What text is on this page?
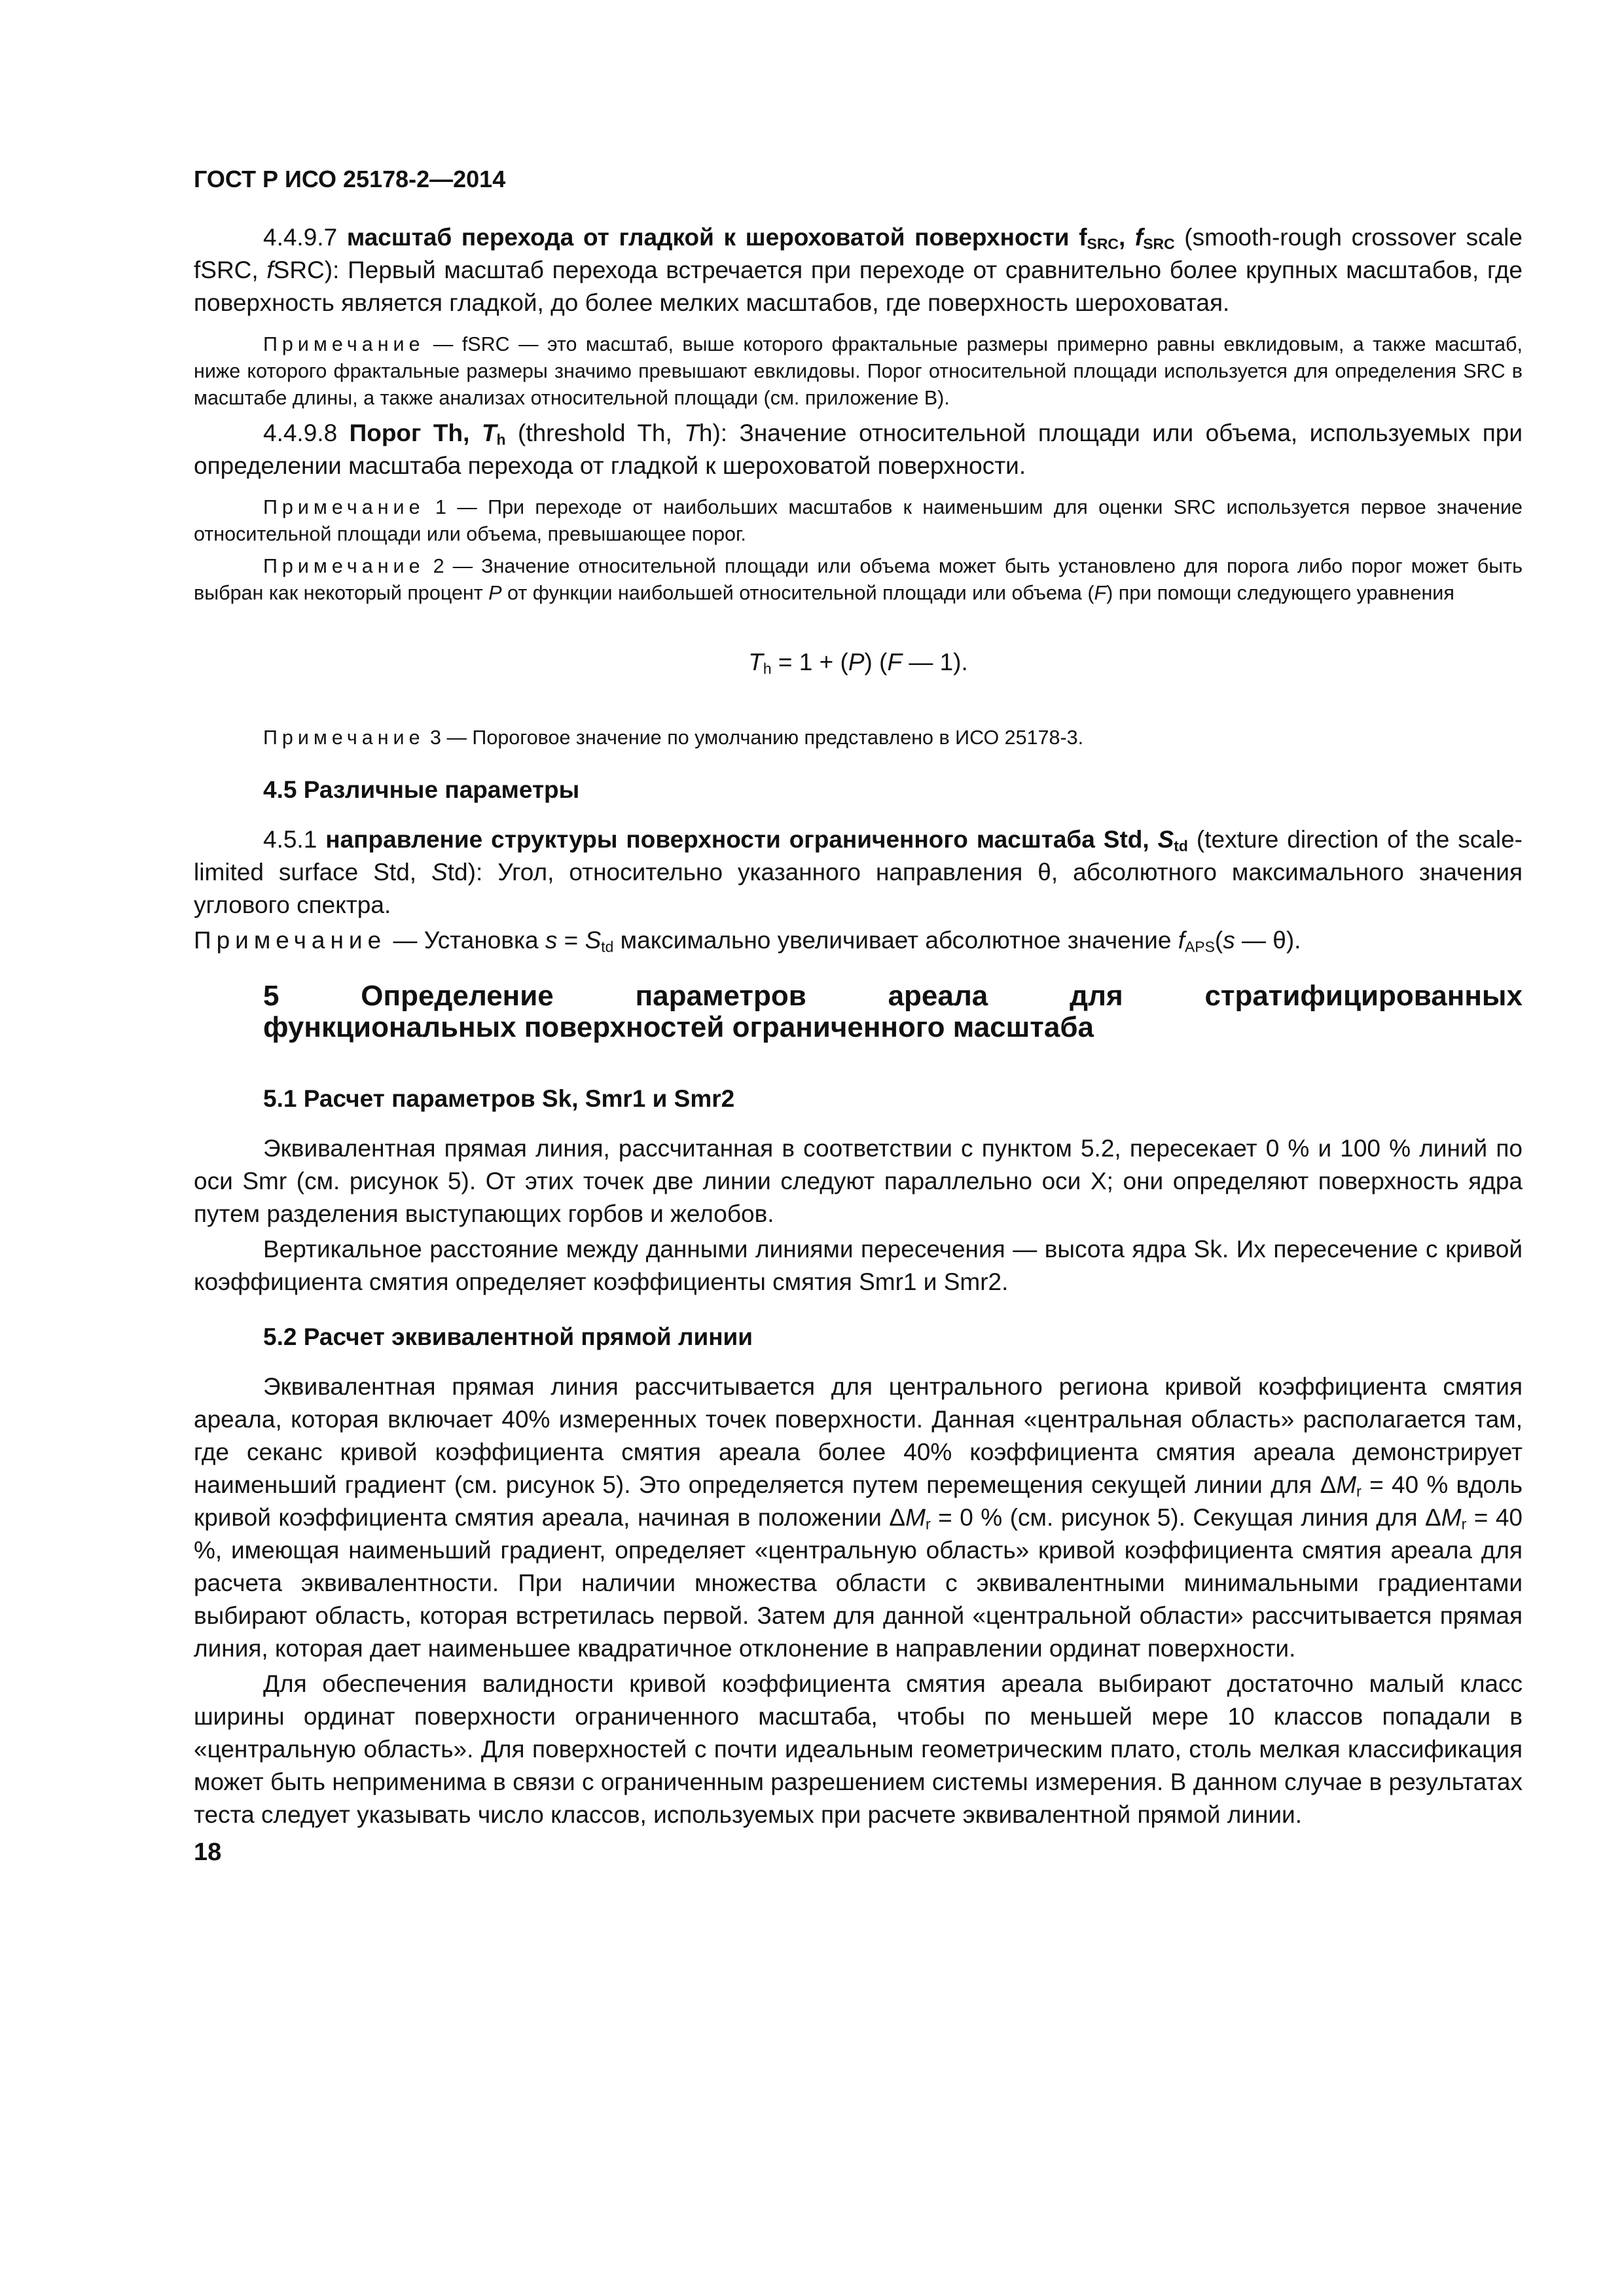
ГОСТ Р ИСО 25178-2—2014

4.4.9.7 масштаб перехода от гладкой к шероховатой поверхности $f_{SRC}$, $f_{SRC}$ (smooth-rough crossover scale fSRC, fSRC): Первый масштаб перехода встречается при переходе от сравнительно более крупных масштабов, где поверхность является гладкой, до более мелких масштабов, где поверхность шероховатая.

Примечание — fSRC — это масштаб, выше которого фрактальные размеры примерно равны евклидовым, а также масштаб, ниже которого фрактальные размеры значимо превышают евклидовы. Порог относительной площади используется для определения SRC в масштабе длины, а также анализах относительной площади (см. приложение В).

4.4.9.8 Порог Th, $T_h$ (threshold Th, Th): Значение относительной площади или объема, используемых при определении масштаба перехода от гладкой к шероховатой поверхности.

Примечание 1 — При переходе от наибольших масштабов к наименьшим для оценки SRC используется первое значение относительной площади или объема, превышающее порог.

Примечание 2 — Значение относительной площади или объема может быть установлено для порога либо порог может быть выбран как некоторый процент P от функции наибольшей относительной площади или объема (F) при помощи следующего уравнения

$T_h = 1 + (P)$ (F — 1).

Примечание 3 — Пороговое значение по умолчанию представлено в ИСО 25178-3.

4.5 Различные параметры

4.5.1 направление структуры поверхности ограниченного масштаба Std, $S_{td}$ (texture direction of the scale-limited surface Std, Std): Угол, относительно указанного направления θ, абсолютного максимального значения углового спектра.

Примечание — Установка $s = S_{td}$ максимально увеличивает абсолютное значение $f_{APS}(s$ — θ).

5	Определение	параметров	ареала	для	стратифицированных
функциональных поверхностей ограниченного масштаба
5.1 Расчет параметров Sk, Smr1 и Smr2

Эквивалентная прямая линия, рассчитанная в соответствии с пунктом 5.2, пересекает 0 % и 100 % линий по оси Smr (см. рисунок 5). От этих точек две линии следуют параллельно оси X; они определяют поверхность ядра путем разделения выступающих горбов и желобов.

Вертикальное расстояние между данными линиями пересечения — высота ядра Sk. Их пересечение с кривой коэффициента смятия определяет коэффициенты смятия Smr1 и Smr2.

5.2 Расчет эквивалентной прямой линии

Эквивалентная прямая линия рассчитывается для центрального региона кривой коэффициента смятия ареала, которая включает 40% измеренных точек поверхности. Данная «центральная область» располагается там, где секанс кривой коэффициента смятия ареала более 40% коэффициента смятия ареала демонстрирует наименьший градиент (см. рисунок 5). Это определяется путем перемещения секущей линии для $\Delta M_r = 40$ % вдоль кривой коэффициента смятия ареала, начиная в положении $\Delta M_r = 0$ % (см. рисунок 5). Секущая линия для $\Delta M_r = 40$ %, имеющая наименьший градиент, определяет «центральную область» кривой коэффициента смятия ареала для расчета эквивалентности. При наличии множества области с эквивалентными минимальными градиентами выбирают область, которая встретилась первой. Затем для данной «центральной области» рассчитывается прямая линия, которая дает наименьшее квадратичное отклонение в направлении ординат поверхности.

Для обеспечения валидности кривой коэффициента смятия ареала выбирают достаточно малый класс ширины ординат поверхности ограниченного масштаба, чтобы по меньшей мере 10 классов попадали в «центральную область». Для поверхностей с почти идеальным геометрическим плато, столь мелкая классификация может быть неприменима в связи с ограниченным разрешением системы измерения. В данном случае в результатах теста следует указывать число классов, используемых при расчете эквивалентной прямой линии.

18
